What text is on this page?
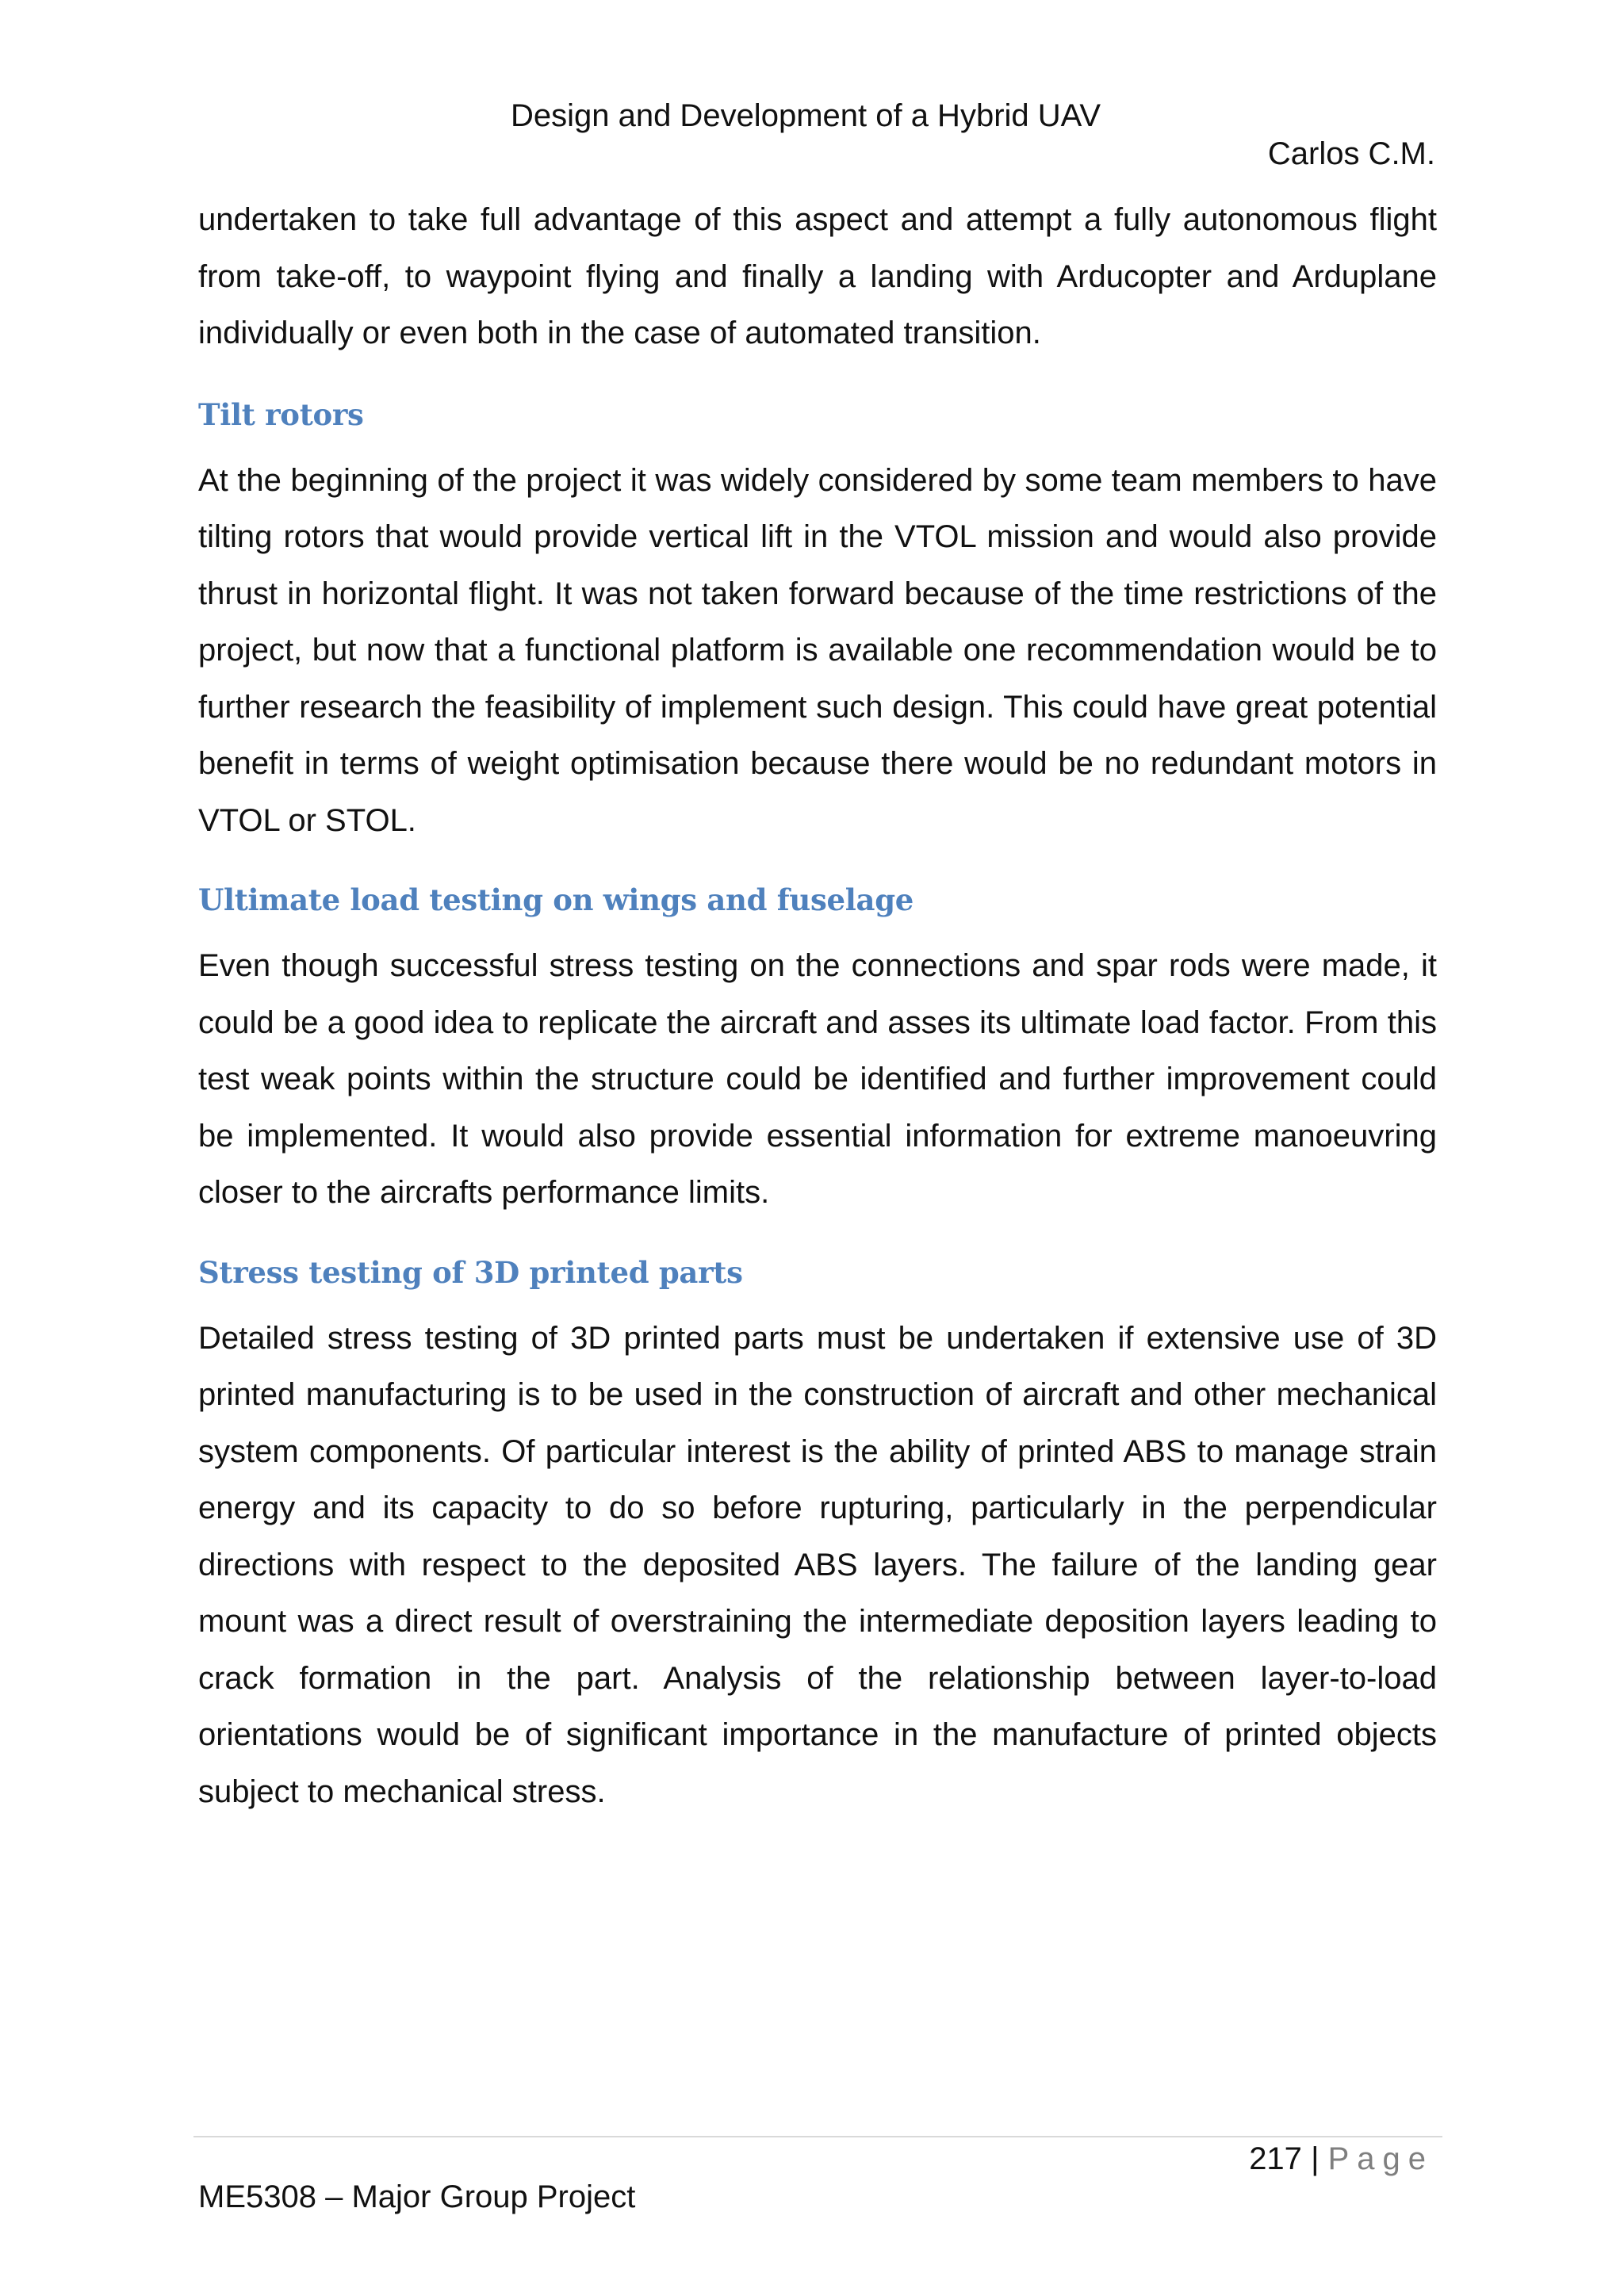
Design and Development of a Hybrid UAV
Carlos C.M.

undertaken to take full advantage of this aspect and attempt a fully autonomous flight from take-off, to waypoint flying and finally a landing with Arducopter and Arduplane individually or even both in the case of automated transition.

Tilt rotors

At the beginning of the project it was widely considered by some team members to have tilting rotors that would provide vertical lift in the VTOL mission and would also provide thrust in horizontal flight. It was not taken forward because of the time restrictions of the project, but now that a functional platform is available one recommendation would be to further research the feasibility of implement such design. This could have great potential benefit in terms of weight optimisation because there would be no redundant motors in VTOL or STOL.

Ultimate load testing on wings and fuselage

Even though successful stress testing on the connections and spar rods were made, it could be a good idea to replicate the aircraft and asses its ultimate load factor. From this test weak points within the structure could be identified and further improvement could be implemented. It would also provide essential information for extreme manoeuvring closer to the aircrafts performance limits.

Stress testing of 3D printed parts

Detailed stress testing of 3D printed parts must be undertaken if extensive use of 3D printed manufacturing is to be used in the construction of aircraft and other mechanical system components. Of particular interest is the ability of printed ABS to manage strain energy and its capacity to do so before rupturing, particularly in the perpendicular directions with respect to the deposited ABS layers. The failure of the landing gear mount was a direct result of overstraining the intermediate deposition layers leading to crack formation in the part. Analysis of the relationship between layer-to-load orientations would be of significant importance in the manufacture of printed objects subject to mechanical stress.

217 | Page
ME5308 – Major Group Project
